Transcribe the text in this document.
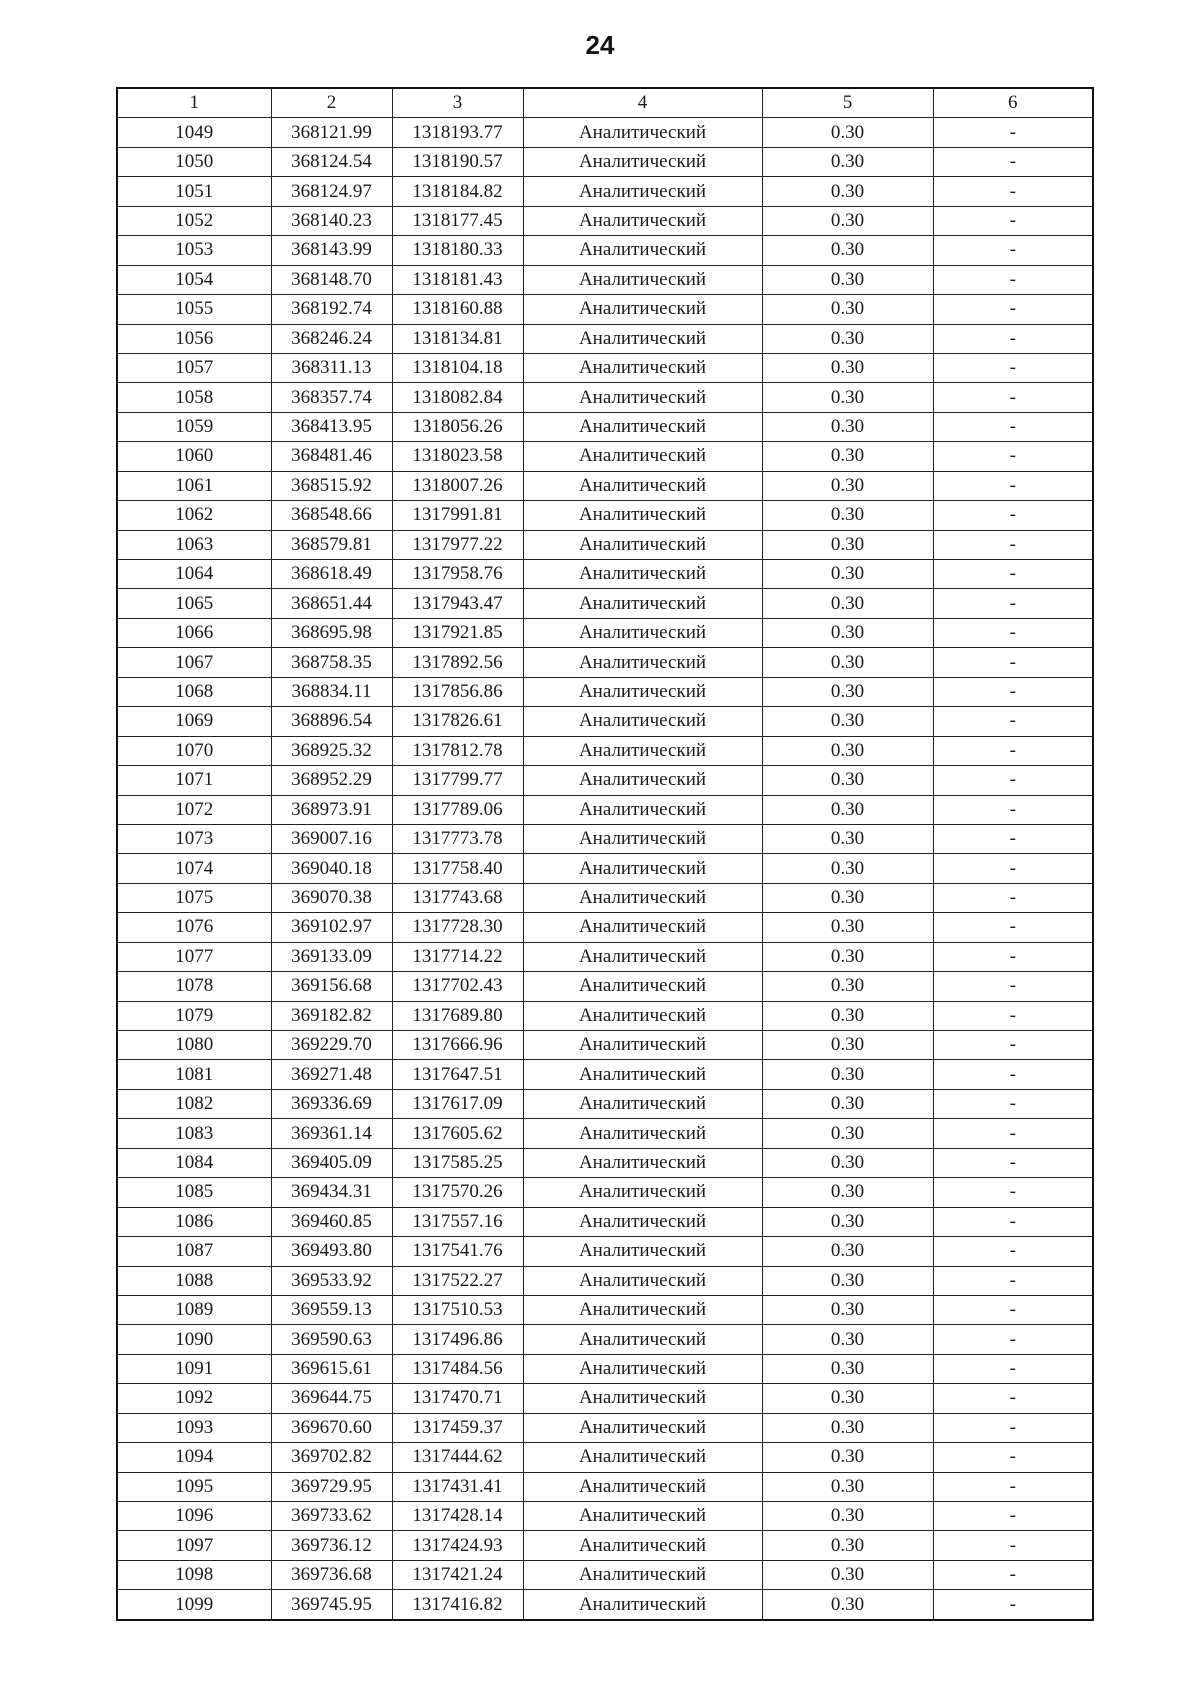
24
1	2	3	4	5	6
1049	368121.99	1318193.77	Аналитический	0.30	-
1050	368124.54	1318190.57	Аналитический	0.30	-
1051	368124.97	1318184.82	Аналитический	0.30	-
1052	368140.23	1318177.45	Аналитический	0.30	-
1053	368143.99	1318180.33	Аналитический	0.30	-
1054	368148.70	1318181.43	Аналитический	0.30	-
1055	368192.74	1318160.88	Аналитический	0.30	-
1056	368246.24	1318134.81	Аналитический	0.30	-
1057	368311.13	1318104.18	Аналитический	0.30	-
1058	368357.74	1318082.84	Аналитический	0.30	-
1059	368413.95	1318056.26	Аналитический	0.30	-
1060	368481.46	1318023.58	Аналитический	0.30	-
1061	368515.92	1318007.26	Аналитический	0.30	-
1062	368548.66	1317991.81	Аналитический	0.30	-
1063	368579.81	1317977.22	Аналитический	0.30	-
1064	368618.49	1317958.76	Аналитический	0.30	-
1065	368651.44	1317943.47	Аналитический	0.30	-
1066	368695.98	1317921.85	Аналитический	0.30	-
1067	368758.35	1317892.56	Аналитический	0.30	-
1068	368834.11	1317856.86	Аналитический	0.30	-
1069	368896.54	1317826.61	Аналитический	0.30	-
1070	368925.32	1317812.78	Аналитический	0.30	-
1071	368952.29	1317799.77	Аналитический	0.30	-
1072	368973.91	1317789.06	Аналитический	0.30	-
1073	369007.16	1317773.78	Аналитический	0.30	-
1074	369040.18	1317758.40	Аналитический	0.30	-
1075	369070.38	1317743.68	Аналитический	0.30	-
1076	369102.97	1317728.30	Аналитический	0.30	-
1077	369133.09	1317714.22	Аналитический	0.30	-
1078	369156.68	1317702.43	Аналитический	0.30	-
1079	369182.82	1317689.80	Аналитический	0.30	-
1080	369229.70	1317666.96	Аналитический	0.30	-
1081	369271.48	1317647.51	Аналитический	0.30	-
1082	369336.69	1317617.09	Аналитический	0.30	-
1083	369361.14	1317605.62	Аналитический	0.30	-
1084	369405.09	1317585.25	Аналитический	0.30	-
1085	369434.31	1317570.26	Аналитический	0.30	-
1086	369460.85	1317557.16	Аналитический	0.30	-
1087	369493.80	1317541.76	Аналитический	0.30	-
1088	369533.92	1317522.27	Аналитический	0.30	-
1089	369559.13	1317510.53	Аналитический	0.30	-
1090	369590.63	1317496.86	Аналитический	0.30	-
1091	369615.61	1317484.56	Аналитический	0.30	-
1092	369644.75	1317470.71	Аналитический	0.30	-
1093	369670.60	1317459.37	Аналитический	0.30	-
1094	369702.82	1317444.62	Аналитический	0.30	-
1095	369729.95	1317431.41	Аналитический	0.30	-
1096	369733.62	1317428.14	Аналитический	0.30	-
1097	369736.12	1317424.93	Аналитический	0.30	-
1098	369736.68	1317421.24	Аналитический	0.30	-
1099	369745.95	1317416.82	Аналитический	0.30	-
